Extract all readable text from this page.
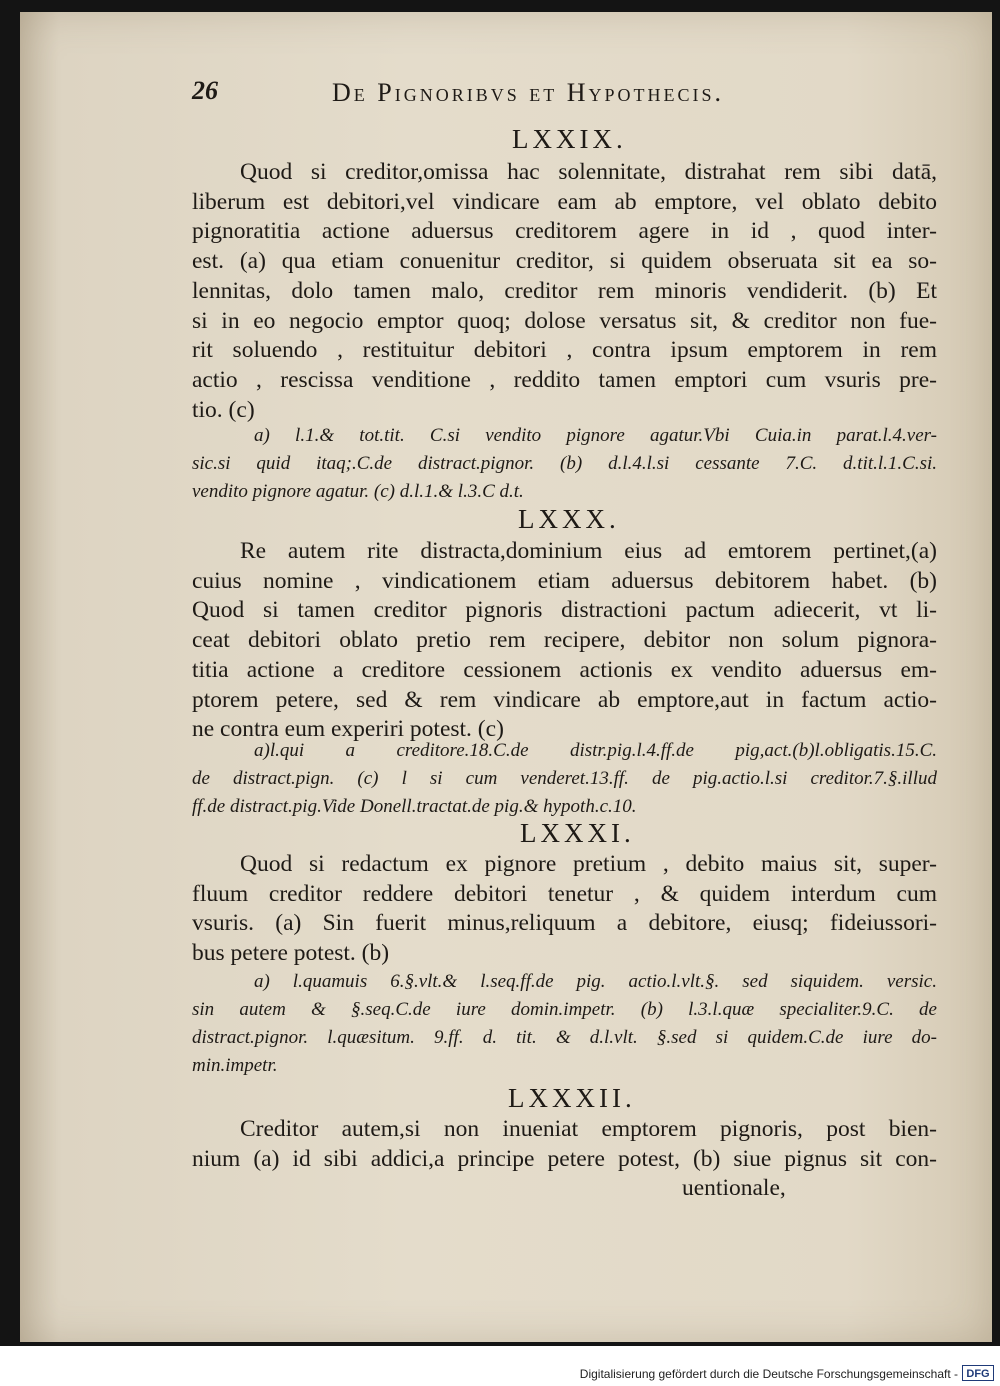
26	De Pignoribvs et Hypothecis.
LXXIX.
Quod si creditor,omissa hac solennitate, distrahat rem sibi datā,
liberum est debitori,vel vindicare eam ab emptore, vel oblato debito
pignoratitia actione aduersus creditorem agere in id , quod inter-
est. (a) qua etiam conuenitur creditor, si quidem obseruata sit ea so-
lennitas, dolo tamen malo, creditor rem minoris vendiderit. (b) Et
si in eo negocio emptor quoq; dolose versatus sit, & creditor non fue-
rit soluendo , restituitur debitori , contra ipsum emptorem in rem
actio , rescissa venditione , reddito tamen emptori cum vsuris pre-
tio. (c)
a) l.1.& tot.tit. C.si vendito pignore agatur.Vbi Cuia.in parat.l.4.ver-
sic.si quid itaq;.C.de distract.pignor. (b) d.l.4.l.si cessante 7.C. d.tit.l.1.C.si.
vendito pignore agatur. (c) d.l.1.& l.3.C d.t.
LXXX.
Re autem rite distracta,dominium eius ad emtorem pertinet,(a)
cuius nomine , vindicationem etiam aduersus debitorem habet. (b)
Quod si tamen creditor pignoris distractioni pactum adiecerit, vt li-
ceat debitori oblato pretio rem recipere, debitor non solum pignora-
titia actione a creditore cessionem actionis ex vendito aduersus em-
ptorem petere, sed & rem vindicare ab emptore,aut in factum actio-
ne contra eum experiri potest. (c)
a)l.qui a creditore.18.C.de distr.pig.l.4.ff.de pig,act.(b)l.obligatis.15.C.
de distract.pign. (c) l si cum venderet.13.ff. de pig.actio.l.si creditor.7.§.illud
ff.de distract.pig.Vide Donell.tractat.de pig.& hypoth.c.10.
LXXXI.
Quod si redactum ex pignore pretium , debito maius sit, super-
fluum creditor reddere debitori tenetur , & quidem interdum cum
vsuris. (a) Sin fuerit minus,reliquum a debitore, eiusq; fideiussori-
bus petere potest. (b)
a) l.quamuis 6.§.vlt.& l.seq.ff.de pig. actio.l.vlt.§. sed siquidem. versic.
sin autem & §.seq.C.de iure domin.impetr. (b) l.3.l.quæ specialiter.9.C. de
distract.pignor. l.quæsitum. 9.ff. d. tit. & d.l.vlt. §.sed si quidem.C.de iure do-
min.impetr.
LXXXII.
Creditor autem,si non inueniat emptorem pignoris, post bien-
nium (a) id sibi addici,a principe petere potest, (b) siue pignus sit con-
uentionale,
Digitalisierung gefördert durch die Deutsche Forschungsgemeinschaft - DFG
